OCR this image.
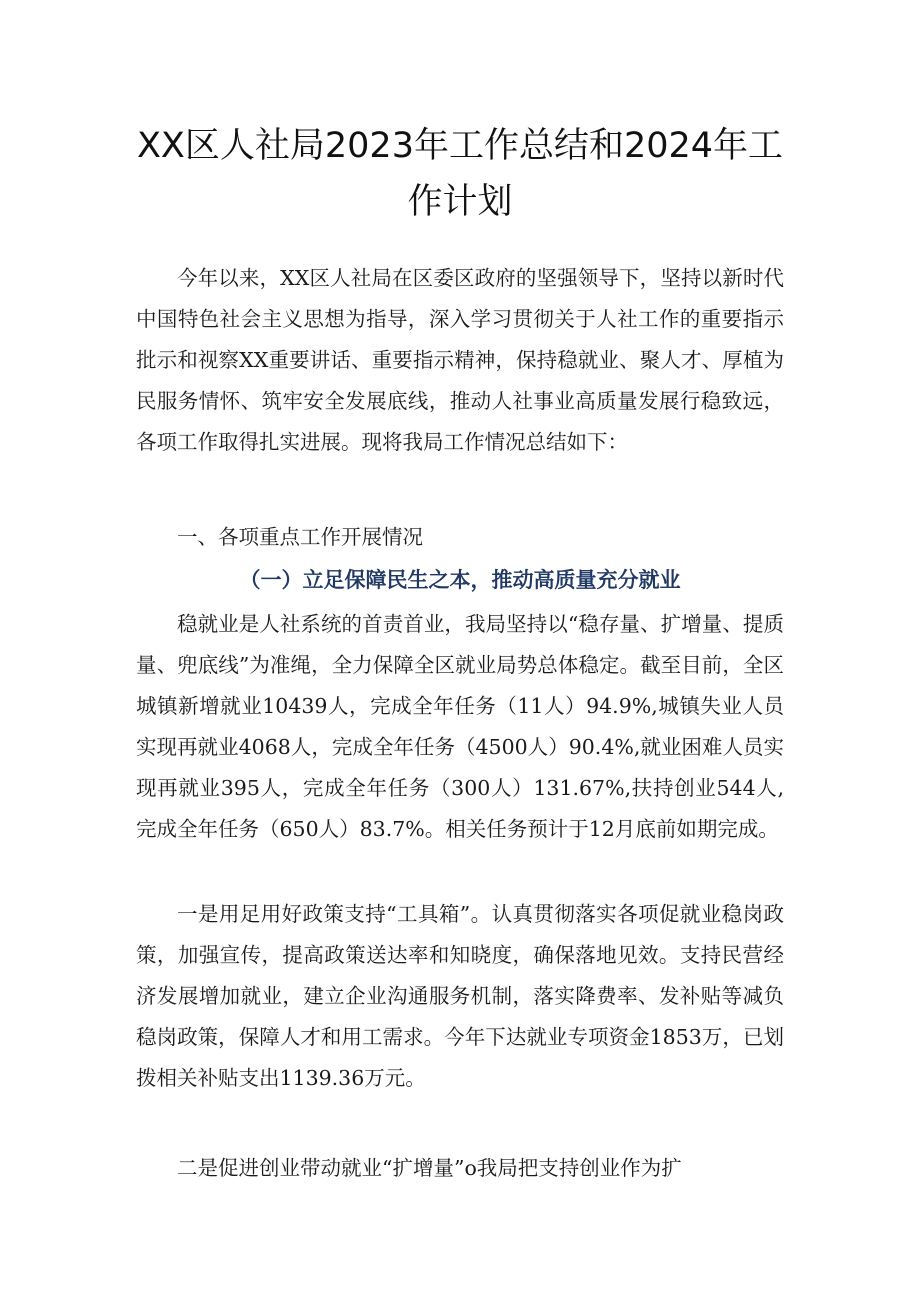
XX区人社局2023年工作总结和2024年工作计划

今年以来，XX区人社局在区委区政府的坚强领导下，坚持以新时代中国特色社会主义思想为指导，深入学习贯彻关于人社工作的重要指示批示和视察XX重要讲话、重要指示精神，保持稳就业、聚人才、厚植为民服务情怀、筑牢安全发展底线，推动人社事业高质量发展行稳致远，各项工作取得扎实进展。现将我局工作情况总结如下：

一、各项重点工作开展情况

（一）立足保障民生之本，推动高质量充分就业

稳就业是人社系统的首责首业，我局坚持以“稳存量、扩增量、提质量、兜底线”为准绳，全力保障全区就业局势总体稳定。截至目前，全区城镇新增就业10439人，完成全年任务（11人）94.9%,城镇失业人员实现再就业4068人，完成全年任务（4500人）90.4%,就业困难人员实现再就业395人，完成全年任务（300人）131.67%,扶持创业544人,完成全年任务（650人）83.7%。相关任务预计于12月底前如期完成。

一是用足用好政策支持“工具箱”。认真贯彻落实各项促就业稳岗政策，加强宣传，提高政策送达率和知晓度，确保落地见效。支持民营经济发展增加就业，建立企业沟通服务机制，落实降费率、发补贴等减负稳岗政策，保障人才和用工需求。今年下达就业专项资金1853万，已划拨相关补贴支出1139.36万元。

二是促进创业带动就业“扩增量”o我局把支持创业作为扩
